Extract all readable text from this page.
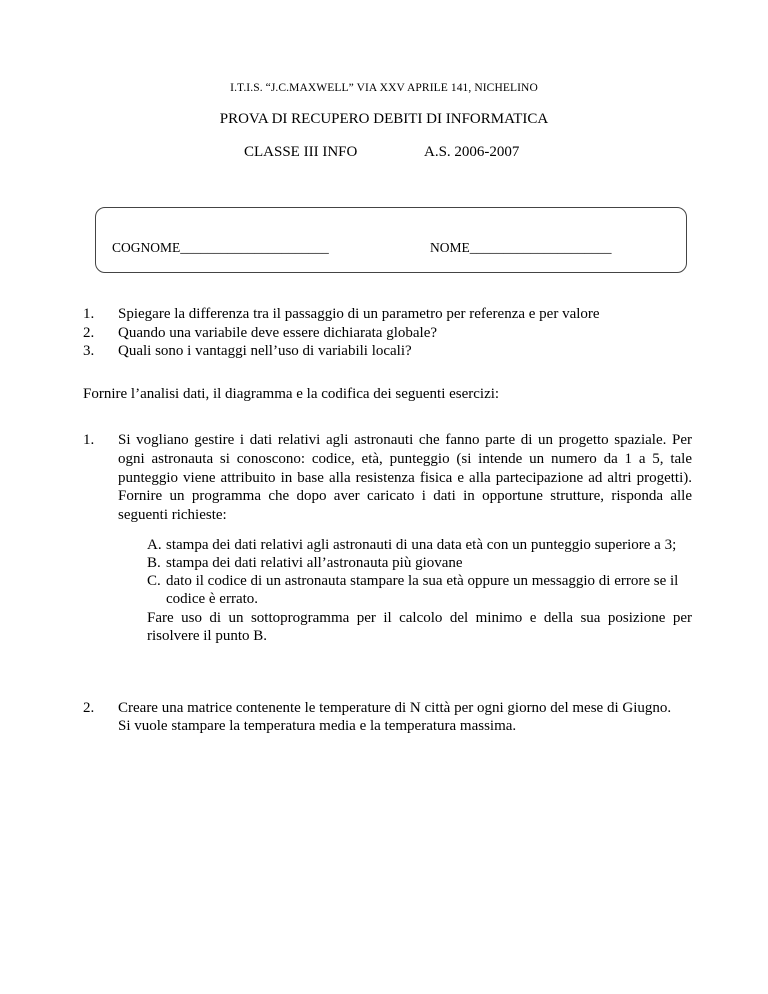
I.T.I.S. “J.C.MAXWELL” VIA XXV APRILE 141, NICHELINO
PROVA DI RECUPERO DEBITI DI INFORMATICA
CLASSE III INFO	A.S. 2006-2007
COGNOME______________________	NOME_____________________
1. Spiegare la differenza tra il passaggio di un parametro per referenza e per valore
2. Quando una variabile deve essere dichiarata globale?
3. Quali sono i vantaggi nell’uso di variabili locali?
Fornire l’analisi dati, il diagramma e la codifica dei seguenti esercizi:
1. Si vogliano gestire i dati relativi agli astronauti che fanno parte di un progetto spaziale. Per
ogni astronauta si conoscono: codice, età, punteggio (si intende un numero da 1 a 5, tale
punteggio viene attribuito in base alla resistenza fisica e alla partecipazione ad altri progetti).
Fornire un programma che dopo aver caricato i dati in opportune strutture, risponda alle
seguenti richieste:
A. stampa dei dati relativi agli astronauti di una data età con un punteggio superiore a 3;
B. stampa dei dati relativi all’astronauta più giovane
C. dato il codice di un astronauta stampare la sua età oppure un messaggio di errore se il
codice è errato.
Fare uso di un sottoprogramma per il calcolo del minimo e della sua posizione per
risolvere il punto B.
2. Creare una matrice contenente le temperature di N città per ogni giorno del mese di Giugno.
Si vuole stampare la temperatura media e la temperatura massima.
